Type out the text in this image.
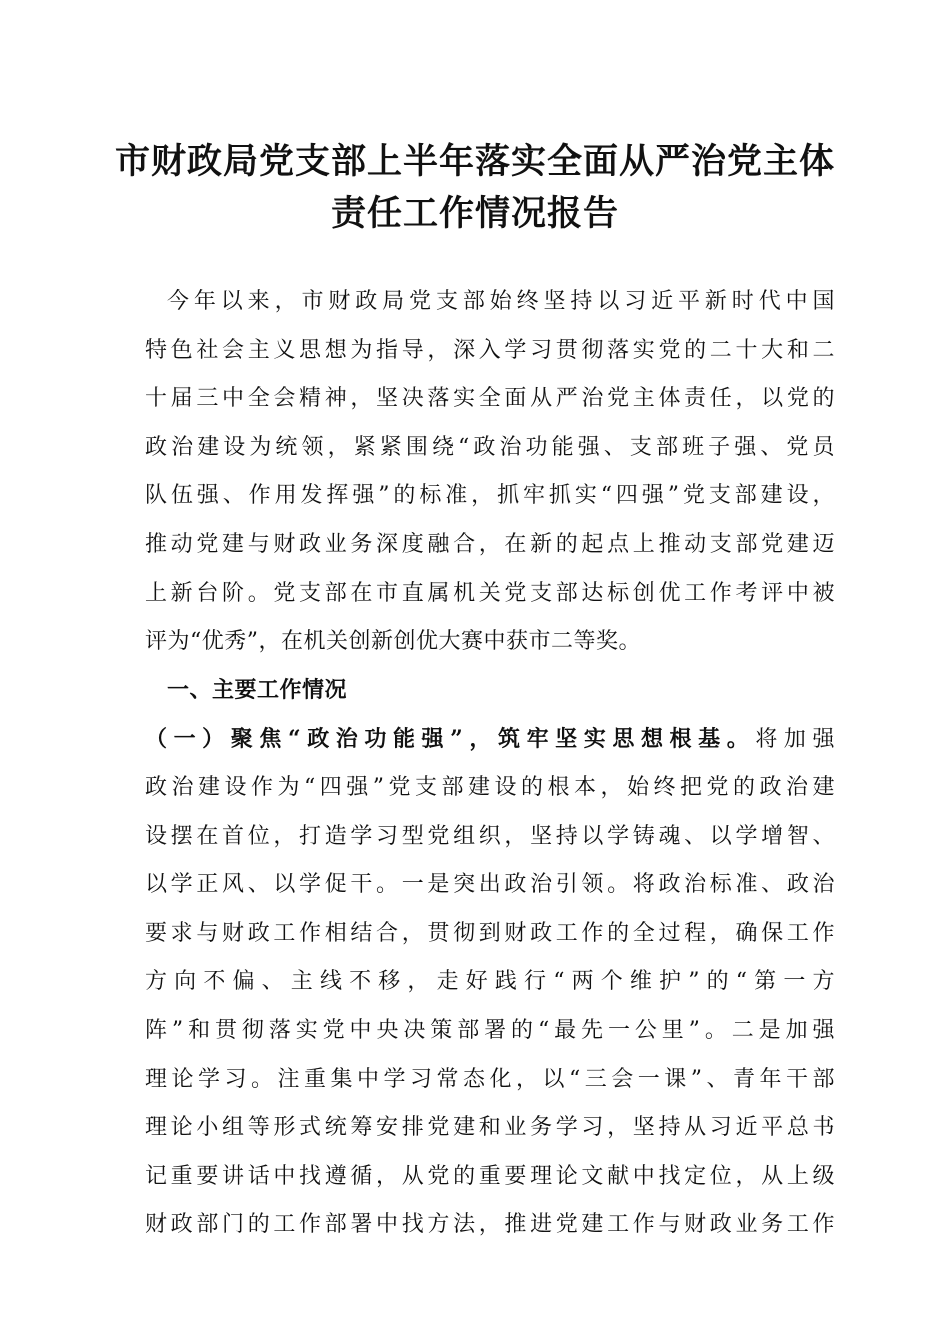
市财政局党支部上半年落实全面从严治党主体
责任工作情况报告
今年以来，市财政局党支部始终坚持以习近平新时代中国
特色社会主义思想为指导，深入学习贯彻落实党的二十大和二
十届三中全会精神，坚决落实全面从严治党主体责任，以党的
政治建设为统领，紧紧围绕“政治功能强、支部班子强、党员
队伍强、作用发挥强”的标准，抓牢抓实“四强”党支部建设，
推动党建与财政业务深度融合，在新的起点上推动支部党建迈
上新台阶。党支部在市直属机关党支部达标创优工作考评中被
评为“优秀”，在机关创新创优大赛中获市二等奖。
一、主要工作情况
（一）聚焦“政治功能强”，筑牢坚实思想根基。将加强
政治建设作为“四强”党支部建设的根本，始终把党的政治建
设摆在首位，打造学习型党组织，坚持以学铸魂、以学增智、
以学正风、以学促干。一是突出政治引领。将政治标准、政治
要求与财政工作相结合，贯彻到财政工作的全过程，确保工作
方向不偏、主线不移，走好践行“两个维护”的“第一方
阵”和贯彻落实党中央决策部署的“最先一公里”。二是加强
理论学习。注重集中学习常态化，以“三会一课”、青年干部
理论小组等形式统筹安排党建和业务学习，坚持从习近平总书
记重要讲话中找遵循，从党的重要理论文献中找定位，从上级
财政部门的工作部署中找方法，推进党建工作与财政业务工作
